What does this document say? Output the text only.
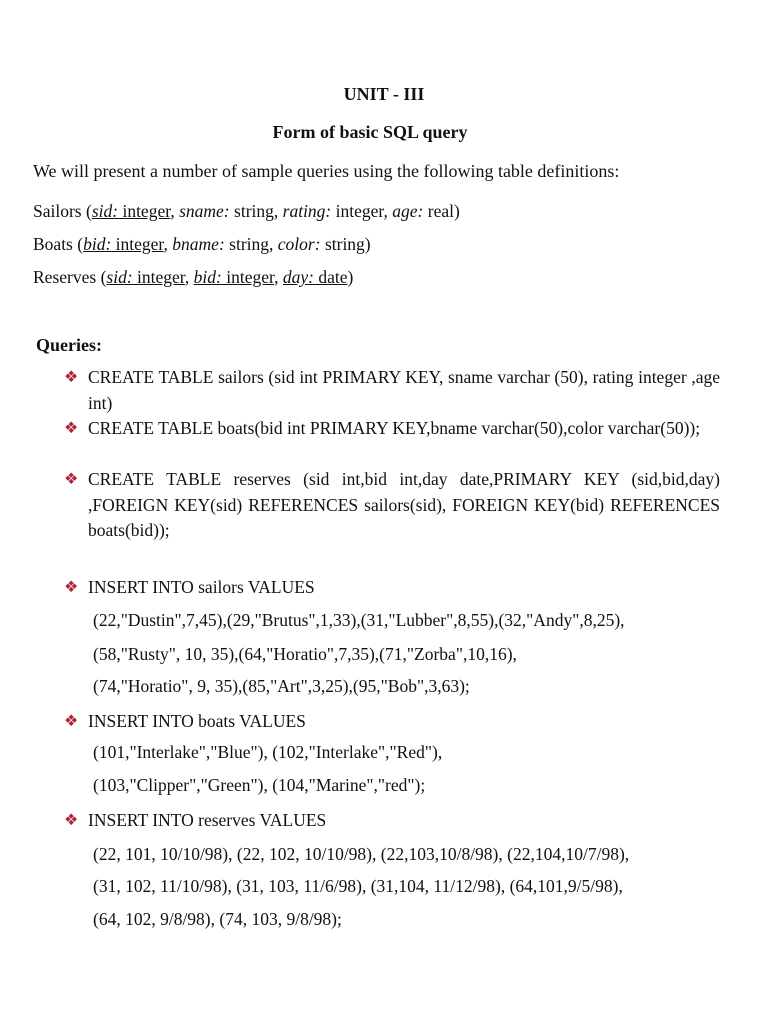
UNIT - III
Form of basic SQL query
We will present a number of sample queries using the following table definitions:
Sailors (sid: integer, sname: string, rating: integer, age: real)
Boats (bid: integer, bname: string, color: string)
Reserves (sid: integer, bid: integer, day: date)
Queries:
❖ CREATE TABLE sailors (sid int PRIMARY KEY, sname varchar (50), rating integer ,age int)
❖ CREATE TABLE boats(bid int PRIMARY KEY,bname varchar(50),color varchar(50));
❖ CREATE TABLE reserves (sid int,bid int,day date,PRIMARY KEY (sid,bid,day) ,FOREIGN KEY(sid) REFERENCES sailors(sid), FOREIGN KEY(bid) REFERENCES boats(bid));
❖ INSERT INTO sailors VALUES
(22,"Dustin",7,45),(29,"Brutus",1,33),(31,"Lubber",8,55),(32,"Andy",8,25),
(58,"Rusty", 10, 35),(64,"Horatio",7,35),(71,"Zorba",10,16),
(74,"Horatio", 9, 35),(85,"Art",3,25),(95,"Bob",3,63);
❖ INSERT INTO boats VALUES
(101,"Interlake","Blue"), (102,"Interlake","Red"),
(103,"Clipper","Green"), (104,"Marine","red");
❖ INSERT INTO reserves VALUES
(22, 101, 10/10/98), (22, 102, 10/10/98), (22,103,10/8/98), (22,104,10/7/98),
(31, 102, 11/10/98), (31, 103, 11/6/98), (31,104, 11/12/98), (64,101,9/5/98),
(64, 102, 9/8/98), (74, 103, 9/8/98);
